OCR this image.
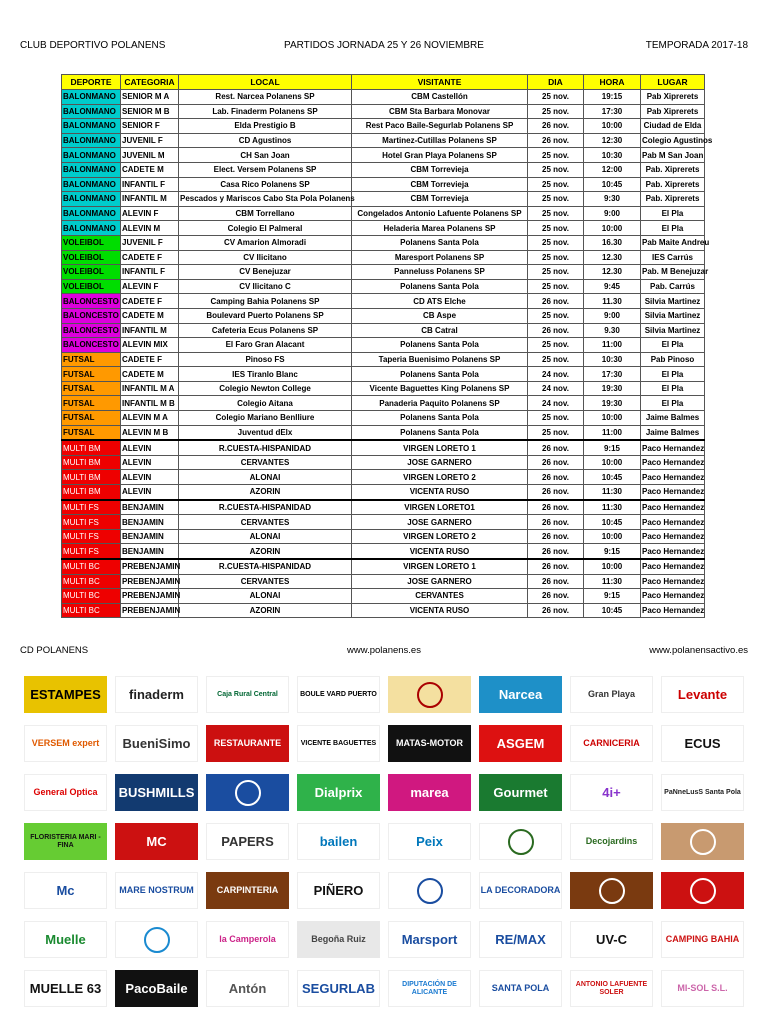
CLUB DEPORTIVO POLANENS	PARTIDOS JORNADA 25 Y 26 NOVIEMBRE	TEMPORADA 2017-18
DEPORTE	CATEGORIA	LOCAL	VISITANTE	DIA	HORA	LUGAR
BALONMANO	SENIOR M A	Rest. Narcea Polanens SP	CBM Castellón	25 nov.	19:15	Pab Xiprerets
BALONMANO	SENIOR M B	Lab. Finaderm Polanens SP	CBM Sta Barbara Monovar	25 nov.	17:30	Pab Xiprerets
BALONMANO	SENIOR F	Elda Prestigio B	Rest Paco Baile-Segurlab Polanens SP	26 nov.	10:00	Ciudad de Elda
BALONMANO	JUVENIL F	CD Agustinos	Martinez-Cutillas Polanens SP	26 nov.	12:30	Colegio Agustinos
BALONMANO	JUVENIL M	CH San Joan	Hotel Gran Playa Polanens SP	25 nov.	10:30	Pab M San Joan
BALONMANO	CADETE M	Elect. Versem Polanens SP	CBM Torrevieja	25 nov.	12:00	Pab. Xiprerets
BALONMANO	INFANTIL F	Casa Rico Polanens SP	CBM Torrevieja	25 nov.	10:45	Pab. Xiprerets
BALONMANO	INFANTIL M	Pescados y Mariscos Cabo Sta Pola Polanens	CBM Torrevieja	25 nov.	9:30	Pab. Xiprerets
BALONMANO	ALEVIN F	CBM Torrellano	Congelados Antonio Lafuente Polanens SP	25 nov.	9:00	El Pla
BALONMANO	ALEVIN M	Colegio El Palmeral	Heladeria Marea Polanens SP	25 nov.	10:00	El Pla
VOLEIBOL	JUVENIL F	CV Amarion Almoradi	Polanens Santa Pola	25 nov.	16.30	Pab Maite Andreu
VOLEIBOL	CADETE F	CV Ilicitano	Maresport Polanens SP	25 nov.	12.30	IES Carrús
VOLEIBOL	INFANTIL F	CV Benejuzar	Panneluss Polanens SP	25 nov.	12.30	Pab. M Benejuzar
VOLEIBOL	ALEVIN F	CV Ilicitano C	Polanens Santa Pola	25 nov.	9:45	Pab. Carrús
BALONCESTO	CADETE F	Camping Bahia Polanens SP	CD ATS Elche	26 nov.	11.30	Silvia Martinez
BALONCESTO	CADETE M	Boulevard Puerto Polanens SP	CB Aspe	25 nov.	9:00	Silvia Martinez
BALONCESTO	INFANTIL M	Cafeteria Ecus Polanens SP	CB Catral	26 nov.	9.30	Silvia Martinez
BALONCESTO	ALEVIN MIX	El Faro Gran Alacant	Polanens Santa Pola	25 nov.	11:00	El Pla
FUTSAL	CADETE F	Pinoso FS	Taperia Buenisimo Polanens SP	25 nov.	10:30	Pab Pinoso
FUTSAL	CADETE M	IES Tiranlo Blanc	Polanens Santa Pola	24 nov.	17:30	El Pla
FUTSAL	INFANTIL M A	Colegio Newton College	Vicente Baguettes King Polanens SP	24 nov.	19:30	El Pla
FUTSAL	INFANTIL M B	Colegio Aitana	Panaderia Paquito Polanens SP	24 nov.	19:30	El Pla
FUTSAL	ALEVIN M A	Colegio Mariano Benlliure	Polanens Santa Pola	25 nov.	10:00	Jaime Balmes
FUTSAL	ALEVIN M B	Juventud dElx	Polanens Santa Pola	25 nov.	11:00	Jaime Balmes
MULTI BM	ALEVIN	R.CUESTA-HISPANIDAD	VIRGEN LORETO 1	26 nov.	9:15	Paco Hernandez
MULTI BM	ALEVIN	CERVANTES	JOSE GARNERO	26 nov.	10:00	Paco Hernandez
MULTI BM	ALEVIN	ALONAI	VIRGEN LORETO 2	26 nov.	10:45	Paco Hernandez
MULTI BM	ALEVIN	AZORIN	VICENTA RUSO	26 nov.	11:30	Paco Hernandez
MULTI FS	BENJAMIN	R.CUESTA-HISPANIDAD	VIRGEN LORETO1	26 nov.	11:30	Paco Hernandez
MULTI FS	BENJAMIN	CERVANTES	JOSE GARNERO	26 nov.	10:45	Paco Hernandez
MULTI FS	BENJAMIN	ALONAI	VIRGEN LORETO 2	26 nov.	10:00	Paco Hernandez
MULTI FS	BENJAMIN	AZORIN	VICENTA RUSO	26 nov.	9:15	Paco Hernandez
MULTI BC	PREBENJAMIN	R.CUESTA-HISPANIDAD	VIRGEN LORETO 1	26 nov.	10:00	Paco Hernandez
MULTI BC	PREBENJAMIN	CERVANTES	JOSE GARNERO	26 nov.	11:30	Paco Hernandez
MULTI BC	PREBENJAMIN	ALONAI	CERVANTES	26 nov.	9:15	Paco Hernandez
MULTI BC	PREBENJAMIN	AZORIN	VICENTA RUSO	26 nov.	10:45	Paco Hernandez
CD POLANENS	www.polanens.es	www.polanensactivo.es
ESTAMPES finaderm	Caja Rural Central	BOULE VARD PUERTO	Narcea	Gran Playa	Levante
VERSEM expert BueniSimo	RESTAURANTE	VICENTE BAGUETTES MATAS-MOTOR	ASGEM	CARNICERIA	ECUS
General Optica BUSHMILLS	Dialprix	marea	Gourmet	4i+	PaNneLusS Santa Pola
FLORISTERIA MARI - FINA	MC	PAPERS	bailen	Peix	Decojardins
Mc	MARE NOSTRUM	CARPINTERIA	PIÑERO	LA DECORADORA
Muelle	la Camperola	Begoña Ruiz	Marsport	RE/MAX	UV-C	CAMPING BAHIA
MUELLE 63 PacoBaile	Antón	SEGURLAB	DIPUTACIÓN DE ALICANTE	SANTA POLA	ANTONIO LAFUENTE SOLER	MI-SOL S.L.
